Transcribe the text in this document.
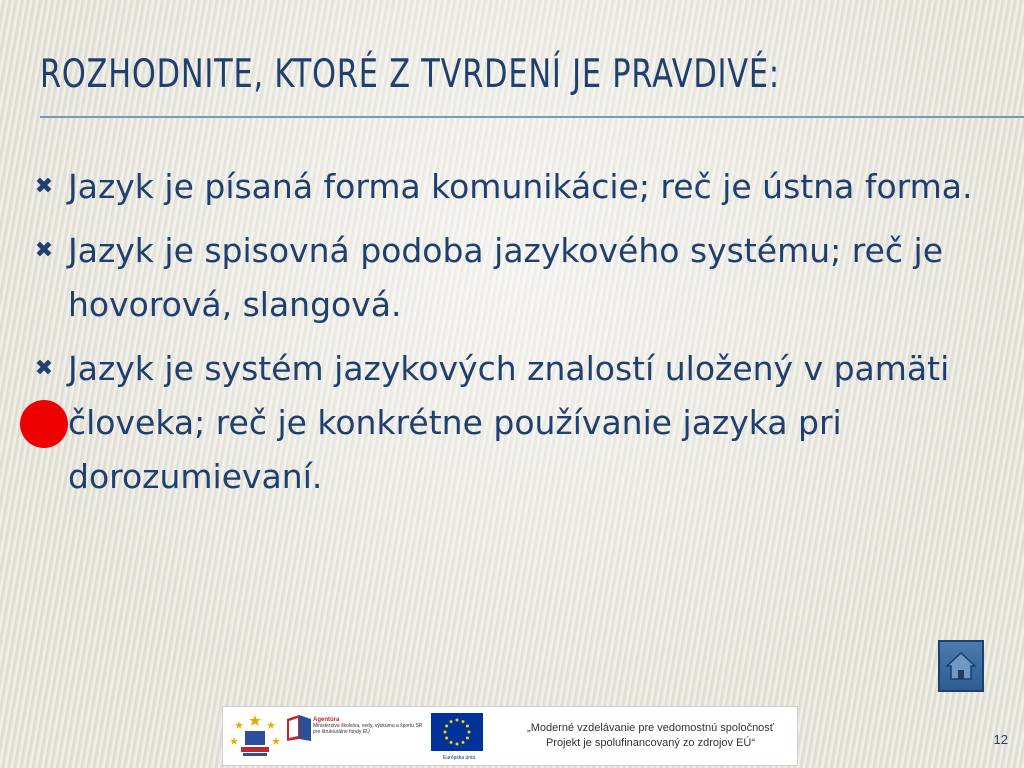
ROZHODNITE, KTORÉ Z TVRDENÍ JE PRAVDIVÉ:
✖ Jazyk je písaná forma komunikácie; reč je ústna forma.
✖ Jazyk je spisovná podoba jazykového systému; reč je hovorová, slangová.
✖ Jazyk je systém jazykových znalostí uložený v pamäti človeka; reč je konkrétne používanie jazyka pri dorozumievaní.
Agentúra
Ministerstva školstva, vedy, výskumu a športu SR
pre štrukturálne fondy EÚ
Európska únia
„Moderné vzdelávanie pre vedomostnú spoločnosť
Projekt je spolufinancovaný zo zdrojov EÚ“	12
